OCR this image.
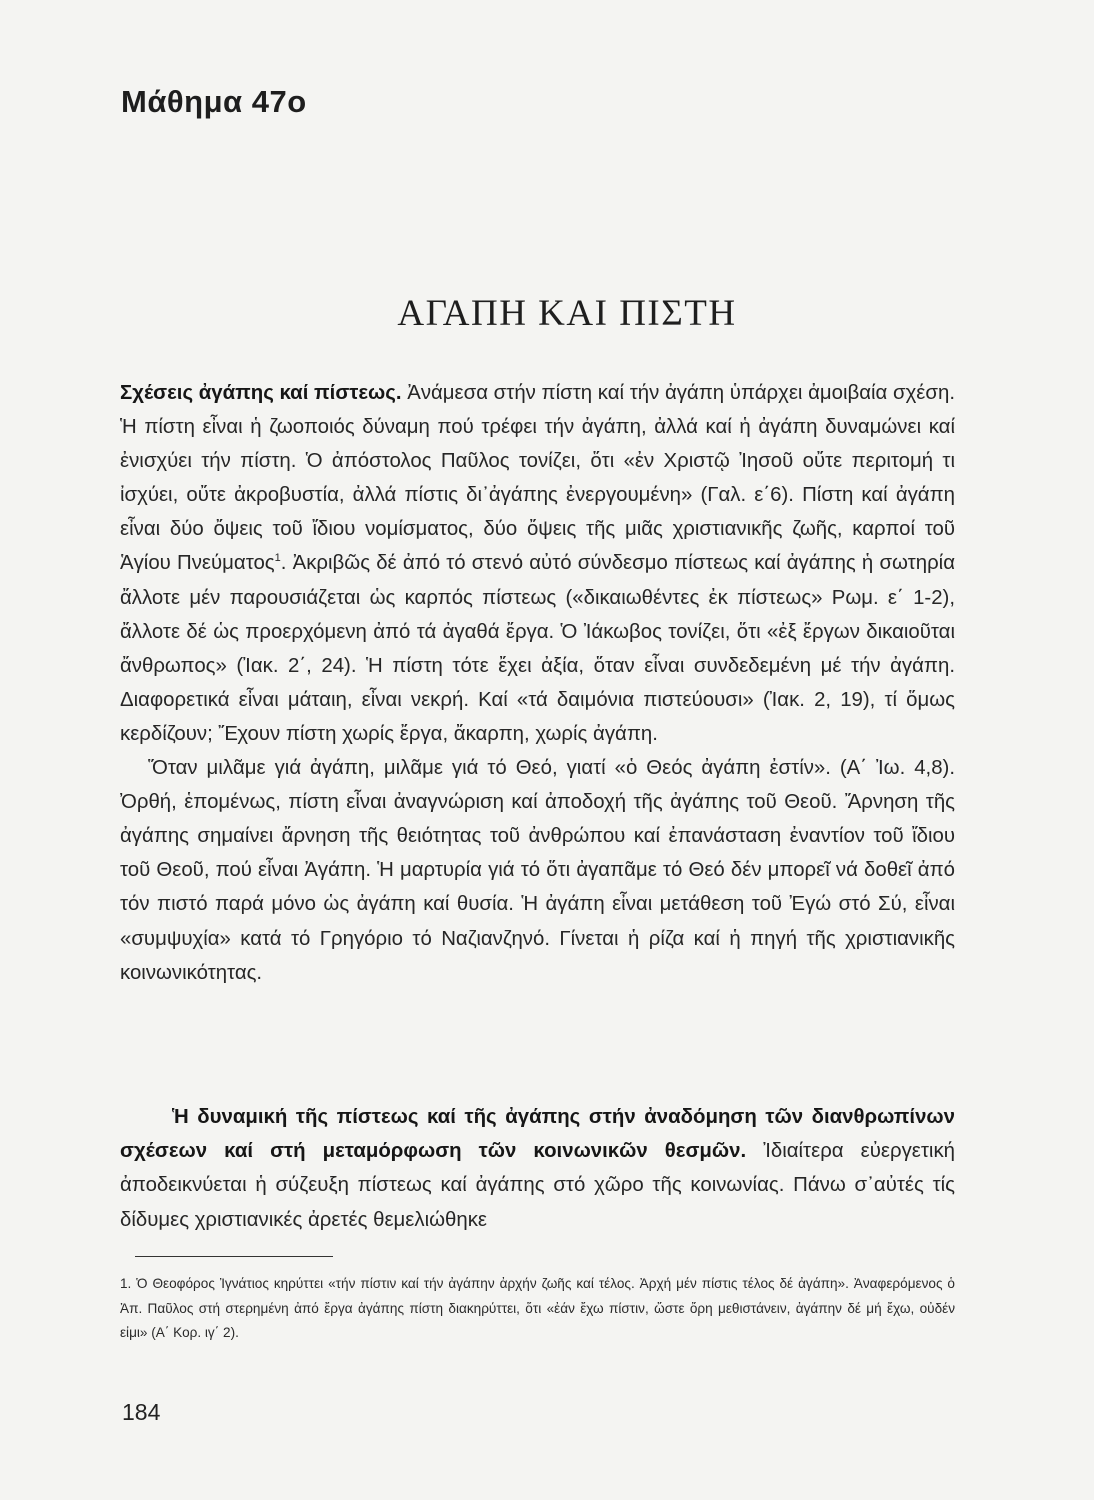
Μάθημα 47ο
ΑΓΑΠΗ ΚΑΙ ΠΙΣΤΗ

Σχέσεις ἀγάπης καί πίστεως. Ἀνάμεσα στήν πίστη καί τήν ἀγάπη ὑπάρχει ἀμοιβαία σχέση. Ἡ πίστη εἶναι ἡ ζωοποιός δύναμη πού τρέφει τήν ἀγάπη, ἀλλά καί ἡ ἀγάπη δυναμώνει καί ἐνισχύει τήν πίστη. Ὁ ἀπόστολος Παῦλος τονίζει, ὅτι «ἐν Χριστῷ Ἰησοῦ οὔτε περιτομή τι ἰσχύει, οὔτε ἀκροβυστία, ἀλλά πίστις δι᾽ἀγάπης ἐνεργουμένη» (Γαλ. ε΄6). Πίστη καί ἀγάπη εἶναι δύο ὄψεις τοῦ ἴδιου νομίσματος, δύο ὄψεις τῆς μιᾶς χριστιανικῆς ζωῆς, καρποί τοῦ Ἁγίου Πνεύματος$^1$. Ἀκριβῶς δέ ἀπό τό στενό αὐτό σύνδεσμο πίστεως καί ἀγάπης ἡ σωτηρία ἄλλοτε μέν παρουσιάζεται ὡς καρπός πίστεως («δικαιωθέντες ἐκ πίστεως» Ρωμ. ε΄ 1-2), ἄλλοτε δέ ὡς προερχόμενη ἀπό τά ἀγαθά ἔργα. Ὁ Ἰάκωβος τονίζει, ὅτι «ἐξ ἔργων δικαιοῦται ἄνθρωπος» (Ἰακ. 2΄, 24). Ἡ πίστη τότε ἔχει ἀξία, ὅταν εἶναι συνδεδεμένη μέ τήν ἀγάπη. Διαφορετικά εἶναι μάταιη, εἶναι νεκρή. Καί «τά δαιμόνια πιστεύουσι» (Ἰακ. 2, 19), τί ὅμως κερδίζουν; Ἔχουν πίστη χωρίς ἔργα, ἄκαρπη, χωρίς ἀγάπη.

Ὅταν μιλᾶμε γιά ἀγάπη, μιλᾶμε γιά τό Θεό, γιατί «ὁ Θεός ἀγάπη ἐστίν». (Α΄ Ἰω. 4,8). Ὀρθή, ἑπομένως, πίστη εἶναι ἀναγνώριση καί ἀποδοχή τῆς ἀγάπης τοῦ Θεοῦ. Ἄρνηση τῆς ἀγάπης σημαίνει ἄρνηση τῆς θειότητας τοῦ ἀνθρώπου καί ἐπανάσταση ἐναντίον τοῦ ἴδιου τοῦ Θεοῦ, πού εἶναι Ἀγάπη. Ἡ μαρτυρία γιά τό ὅτι ἀγαπᾶμε τό Θεό δέν μπορεῖ νά δοθεῖ ἀπό τόν πιστό παρά μόνο ὡς ἀγάπη καί θυσία. Ἡ ἀγάπη εἶναι μετάθεση τοῦ Ἐγώ στό Σύ, εἶναι «συμψυχία» κατά τό Γρηγόριο τό Ναζιανζηνό. Γίνεται ἡ ρίζα καί ἡ πηγή τῆς χριστιανικῆς κοινωνικότητας.

Ἡ δυναμική τῆς πίστεως καί τῆς ἀγάπης στήν ἀναδόμηση τῶν διανθρωπίνων σχέσεων καί στή μεταμόρφωση τῶν κοινωνικῶν θεσμῶν. Ἰδιαίτερα εὐεργετική ἀποδεικνύεται ἡ σύζευξη πίστεως καί ἀγάπης στό χῶρο τῆς κοινωνίας. Πάνω σ᾽αὐτές τίς δίδυμες χριστιανικές ἀρετές θεμελιώθηκε

1. Ὁ Θεοφόρος Ἰγνάτιος κηρύττει «τήν πίστιν καί τήν ἀγάπην ἀρχήν ζωῆς καί τέλος. Ἀρχή μέν πίστις τέλος δέ ἀγάπη». Ἀναφερόμενος ὁ Ἀπ. Παῦλος στή στερημένη ἀπό ἔργα ἀγάπης πίστη διακηρύττει, ὅτι «ἐάν ἔχω πίστιν, ὥστε ὄρη μεθιστάνειν, ἀγάπην δέ μή ἔχω, οὐδέν εἰμι» (Α΄ Κορ. ιγ΄ 2).

184
